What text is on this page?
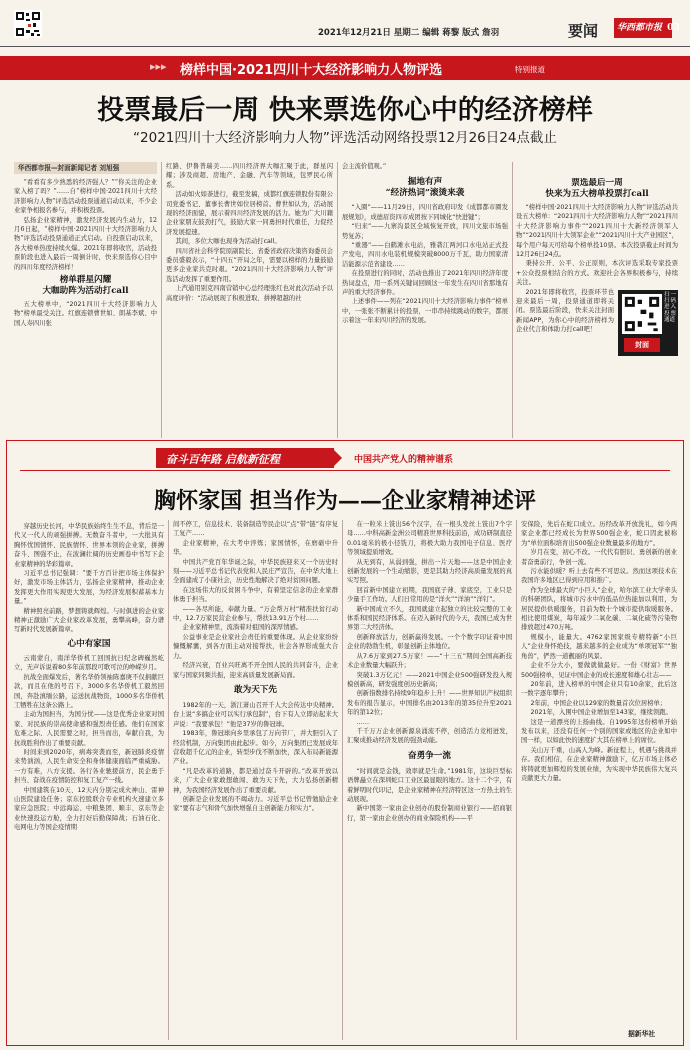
2021年12月21日 星期二 编辑 蒋黎 版式 詹羽	要闻	华西都市报 03
▸▸▸ 榜样中国·2021四川十大经济影响力人物评选	特别报道
投票最后一周 快来票选你心中的经济榜样
“2021四川十大经济影响力人物”评选活动网络投票12月26日24点截止
华西都市报—封面新闻记者 刘旭强
“看看有多少熟悉的经济强人？”“你关注的企业家入榜了吗？”……自“榜样中国·2021四川十大经济影响力人物”评选活动投票通道启动以来，不少企业家争相报名参与，并积极投票。
弘扬企业家精神，激发经济发展内生动力，12月6日起，“榜样中国·2021四川十大经济影响力人物”评选活动投票通道正式启动。自投票启动以来，各大榜单热度持续火爆。2021年即将收官，活动投票阶段也进入最后一周倒计时，快来票选你心目中的四川年度经济榜样！
榜单群星闪耀
大咖助阵为活动打call
五大榜单中，“2021四川十大经济影响力人物”榜单最受关注。红旗连锁曹世如、朗基李斌、中国人寿四川张

红路、伊鲁普瑞美……四川经济界大咖汇聚于此，群星闪耀；涉及商超、房地产、金融、汽车等领域，包罗民心所系。

活动如火如荼进行，截至发稿，成都红旗连锁股份有限公司党委书记、董事长曹世如位居榜首。曹世如认为，活动展现的经济面貌，展示着四川经济发展的活力。她为广大川籍企业家朋友鼓劲打气，鼓励大家一同勇担时代重任，力促经济发展提速。

其间，多位大咖也现身为活动打call。

四川省社会科学院原副院长、省委省政府决策咨询委员会委员盛毅表示，“十四五”开局之年，需要以榜样的力量鼓励更多企业家共克时艰。“2021四川十大经济影响力人物”评选活动发挥了重要作用。

上汽通用别克四南营销中心总经理张红也对此次活动予以高度评价：“活动展现了积极进取、拼搏超越的社

会主流价值观。”

掘地有声
“经济热词”滚烫来袭

“入圈”——11月29日，四川省政府印发《成都都市圈发展规划》，成德眉资四市成团按下同城化“快进键”；

“归来”——九寨沟景区全域恢复开放，四川文旅市场强势复苏；

“重器”——白鹤滩水电站，雅砻江两河口水电站正式投产发电，四川水电装机规模突破8000万千瓦，助力国家清洁能源示范省建设……

在投票进行的同时，活动也推出了2021年四川经济年度热词盘点，用一系列关键词回顾这一年发生在四川省那地有声的重大经济事件。

上述事件——列在“2021四川十大经济影响力事件”榜单中，一张张不断累计的投票，一串串持续跳动的数字，都展示着这一年来四川经济的发展。

票选最后一周
快来为五大榜单投票打call

“榜样中国·2021四川十大经济影响力人物”评选活动共设五大榜单：“2021四川十大经济影响力人物”“2021四川十大经济影响力事件”“2021四川十大新经济领军人物”“2021四川十大领军企业”“2021四川十大产业园区”，每个用户每天可给每个榜单投10票。本次投票截止时间为12月26日24点。

秉持公开、公平、公正原则，本次评选采取专家投票+公众投票相结合的方式。欢迎社会各界积极参与，持续关注。

扫一扫码进入投票通道
封面

2021年即将收官，投票环节也迎来最后一周，投票通道即将关闭。票选最后阶段，快来关注封面新闻APP，为你心中的经济榜样为企业代言和体助力打call吧！

奋斗百年路 启航新征程	中国共产党人的精神谱系
胸怀家国 担当作为——企业家精神述评
穿越历史长河，中华民族始终生生不息，背后是一代又一代人的顽强拼搏。无数奋斗者中，一大批具有胸怀忧国情怀、民族情怀、世界本领的企业家，拼搏奋斗、图强不止，在波澜壮阔的历史画卷中书写下企业家精神的华彩篇章。
习近平总书记强调：“要千方百计把市场主体保护好，激发市场主体活力，弘扬企业家精神，推动企业发挥更大作用实现更大发展，为经济发展积蓄基本力量。”
精神照亮前路，梦想铸就辉煌。与时俱进的企业家精神正激励广大企业家改革发展，勇攀高峰，奋力谱写新时代发展新篇章。
心中有家国

云南蒙自，南洋华侨机工回国抗日纪念碑巍然屹立，无声诉说着80多年前那段可歌可泣的峥嵘岁月。

抗战全面爆发后，著名华侨领袖陈嘉庚不仅捐献巨款，而且在他的号召下，3000多名华侨机工毅然回国，奔赴滇缅公路，运送抗战物资，1000多名华侨机工牺牲在这条公路上。

主动为国担当，为国分忧——这是优秀企业家对国家、对民族的崇高使命感和强烈责任感。他们在国家危难之际、人民需要之时，担当而出，奉献自我，为抗战胜利作出了重要贡献。

时间来到2020年，病毒突袭而至，新冠肺炎疫情来势汹汹，人民生命安全和身体健康面临严重威胁。一方有难，八方支援。各行各业驰援前方，民企勇于担当、奋战在疫情防控和复工复产一线。

中国建筑在10天、12天内分别完成火神山、雷神山医院建设任务；京东控股联合专业机构火速建立多家应急医院；中远海运、中粮集团、顺丰、京东等企业快速投运方舱，全力打好后勤保障战；石油石化、电网电力等国企疫情期

间不停工，信息技术、装备制造等民企以“点”带“链”有序复工复产……

企业家精神，在大考中淬炼；家国情怀，在磨砺中升华。

中国共产党百年华诞之际，中华民族迎来又一个历史时刻——习近平总书记代表党和人民庄严宣告，在中华大地上全面建成了小康社会，历史性地解决了绝对贫困问题。

在这场伟大的反贫困斗争中，有着坚定信念的企业家群体勇于担当。

——各尽所能，奉献力量。“万企帮万村”精准扶贫行动中，12.7万家民营企业参与，帮扶13.91万个村……

企业家精神里，流淌着对祖国的深厚情感。

公益事业是企业家社会责任的重要体现。从企业家纷纷慷慨解囊，到各方面主动对接帮扶，社会各界形成强大合力。

经济兴衰，百业兴旺离不开全国人民的共同奋斗，企业家与国家同频共振，迎来高质量发展新局面。

敢为天下先

1982年的一天，浙江萧山召开千人大会传达中央精神。台上说“多搞企业可以实行承包制”，台下有人立即站起来大声说：“我要承包！”他是37岁的鲁冠球。

1983年，鲁冠球向乡里承包了万向节厂，并大胆引入了经营机制，万向集团由此起步。如今，万向集团已发展成年营收超千亿元的企业，转型步伐不断加快，深入布局新能源产业。

“凡是改革的道路，都是通过奋斗开辟的。”改革开放以来，广大企业家敢想敢闯、敢为天下先，大力弘扬创新精神，为我国经济发展作出了重要贡献。

创新是企业发展的不竭动力。习近平总书记曾勉励企业家“要有志气和骨气加快增强自主创新能力和实力”。

在一粒米上铣出56个汉字，在一根头发丝上铣出7个字母……中科高新金洲公司精准世界科技前沿，成功研制直径0.01毫米的极小径铣刀，将极大助力我国电子信息、医疗等领域提质增效。

从无到有，从弱到强，拼出一片天地——这是中国企业创新发展的一个生动缩影，更是其助力经济高质量发展的真实写照。

回首新中国建立初期，我国底子薄、家底空，工业只是少量手工作坊。人们日常用的是“洋火”“洋油”“洋钉”。

新中国成立不久，我国就建立起独立的比较完整的工业体系和国民经济体系。在迈入新时代的今天，我国已成为世界第二大经济体。

创新释放活力，创新赢得发展。一个个数字印证着中国企业的勃勃生机，彰显创新主体地位。

从7.6万家到27.5万家！——“十三五”期间全国高新技术企业数量大幅跃升；

突破1.3万亿元！——2021中国企业500强研发投入规模创新高，研发强度创历史新高；

创新指数排名持续9年稳步上升！——世界知识产权组织发布的报告显示，中国排名由2013年的第35位升至2021年的第12位；

……

千千万万企业创新源泉涌流不停，创造活力竞相迸发，汇聚成推动经济发展的强劲动能。

奋勇争一流

“时间就是金钱，效率就是生命。”1981年，这块巨型标语牌矗立在深圳蛇口工业区最显眼的地方。这十二个字，有着鲜明时代印记，是企业家精神在经济特区这一方热土的生动展现。

新中国第一家由企业创办的股份制商业银行——招商银行，第一家由企业创办的商业保险机构——平

安保险，先后在蛇口成立。历经改革开放洗礼，如今两家企业都已经成长为世界500强企业，蛇口因此被称为“单位面积培育出500强企业数量最多的地方”。

岁月在变，初心不改。一代代有胆识、勇创新的创业者奋勇前行，争创一流。

污水能供暖？听上去有些不可思议。然而这项技术在我国许多地区已得到应用和推广。

作为全球最大的“小巨人”企业，哈尔滨工业大学牵头的科研团队，将城市污水中的低品位热能加以利用，为居民提供供暖服务，目前为数十个城市提供取暖服务。相比使用煤炭，每年减少二氧化碳、二氧化硫等污染物排放超过470万吨。

规模小，能量大。4762家国家级专精特新“小巨人”企业身怀绝技，越来越多的企业成为“单项冠军”“独角兽”，俨然一道靓丽的风景。

企业不分大小，要做就做最好。一份《财富》世界500强榜单，见证中国企业的成长速度和雄心壮志——

20年前，进入榜单的中国企业只有10余家，此后这一数字逐年攀升；

2年前，中国企业以129家的数量首次位居榜单；

2021年，入围中国企业增加至143家，继续领跑。

这是一道漂亮的上扬曲线。自1995年这份榜单开始发布以来，还没有任何一个别的国家或地区的企业如中国一样，以如此快的速度扩大其在榜单上的席位。

关山万千重，山高人为峰。新征程上，机遇与挑战并存。我们相信，在企业家精神激励下，亿万市场主体必将铸就更加辉煌的发展业绩，为实现中华民族伟大复兴贡献更大力量。

据新华社
